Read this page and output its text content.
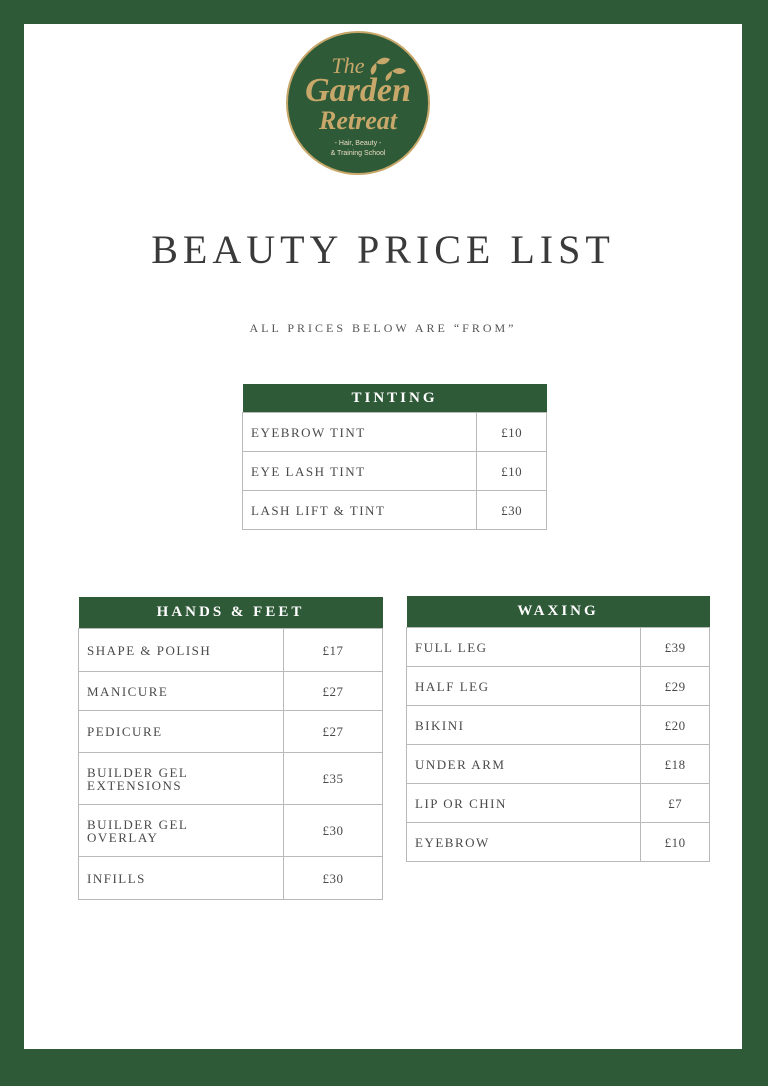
The
Garden
Retreat
- Hair, Beauty -
& Training School
BEAUTY PRICE LIST
ALL PRICES BELOW ARE “FROM”
TINTING	
EYEBROW TINT	£10
EYE LASH TINT	£10
LASH LIFT & TINT	£30
HANDS & FEET	
SHAPE & POLISH	£17
MANICURE	£27
PEDICURE	£27
BUILDER GEL EXTENSIONS	£35
BUILDER GEL OVERLAY	£30
INFILLS	£30
WAXING	
FULL LEG	£39
HALF LEG	£29
BIKINI	£20
UNDER ARM	£18
LIP OR CHIN	£7
EYEBROW	£10
